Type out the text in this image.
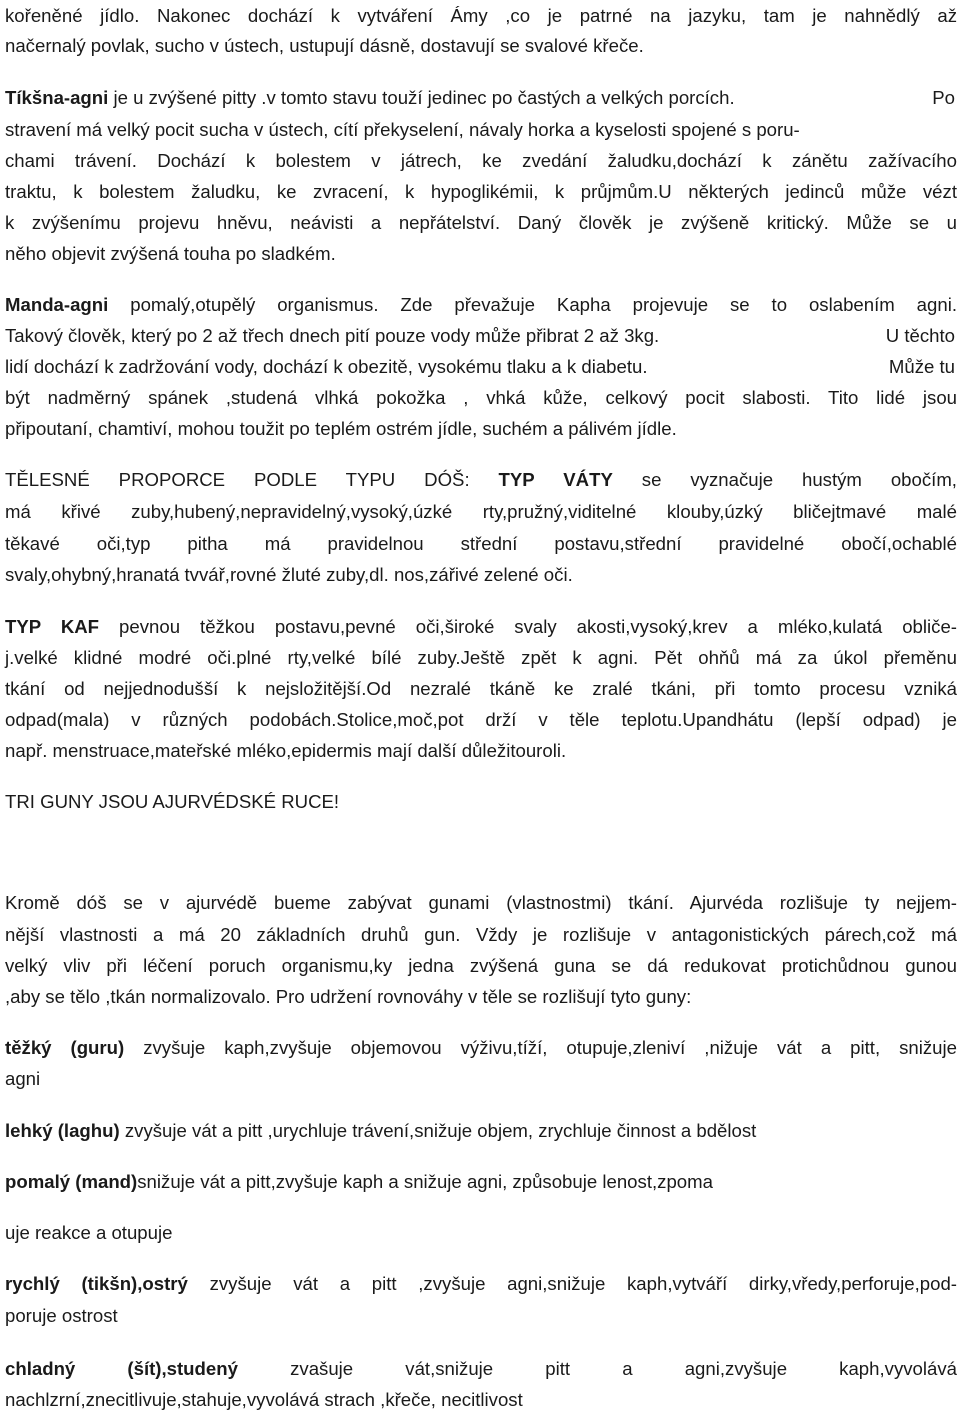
kořeněné jídlo. Nakonec dochází k vytváření Ámy ,co je patrné na jazyku, tam je nahnědlý až
načernalý povlak, sucho v ústech, ustupují dásně, dostavují se svalové křeče.
Tíkšna-agni je u zvýšené pitty .v tomto stavu touží jedinec po častých a velkých porcích.	Po
stravení má velký pocit sucha v ústech, cítí překyselení, návaly horka a kyselosti spojené s poru-
chami trávení. Dochází k bolestem v játrech, ke zvedání žaludku,dochází k zánětu zažívacího
traktu, k bolestem žaludku, ke zvracení, k hypoglikémii, k průjmům.U některých jedinců může vézt
k zvýšenímu projevu hněvu, neávisti a nepřátelství. Daný člověk je zvýšeně kritický. Může se u
něho objevit zvýšená touha po sladkém.
Manda-agni pomalý,otupělý organismus. Zde převažuje Kapha projevuje se to oslabením agni.
Takový člověk, který po 2 až třech dnech pití pouze vody může přibrat 2 až 3kg.	U těchto
lidí dochází k zadržování vody, dochází k obezitě, vysokému tlaku a k diabetu.	Může tu
být nadměrný spánek ,studená vlhká pokožka , vhká kůže, celkový pocit slabosti. Tito lidé jsou
připoutaní, chamtiví, mohou toužit po teplém ostrém jídle, suchém a pálivém jídle.
TĚLESNÉ PROPORCE PODLE TYPU DÓŠ: TYP VÁTY se vyznačuje hustým obočím,
má křivé zuby,hubený,nepravidelný,vysoký,úzké rty,pružný,viditelné klouby,úzký bličejtmavé malé
těkavé oči,typ pitha má pravidelnou střední postavu,střední pravidelné obočí,ochablé
svaly,ohybný,hranatá tvvář,rovné žluté zuby,dl. nos,zářivé zelené oči.
TYP KAF pevnou těžkou postavu,pevné oči,široké svaly akosti,vysoký,krev a mléko,kulatá obliče-
j.velké klidné modré oči.plné rty,velké bílé zuby.Ještě zpět k agni. Pět ohňů má za úkol přeměnu
tkání od nejjednodušší k nejsložitější.Od nezralé tkáně ke zralé tkáni, při tomto procesu vzniká
odpad(mala) v různých podobách.Stolice,moč,pot drží v těle teplotu.Upandhátu (lepší odpad) je
např. menstruace,mateřské mléko,epidermis mají další důležitouroli.
TRI GUNY JSOU AJURVÉDSKÉ RUCE!
Kromě dóš se v ajurvédě bueme zabývat gunami (vlastnostmi) tkání. Ajurvéda rozlišuje ty nejjem-
nější vlastnosti a má 20 základních druhů gun. Vždy je rozlišuje v antagonistických párech,což má
velký vliv při léčení poruch organismu,ky jedna zvýšená guna se dá redukovat protichůdnou gunou
,aby se tělo ,tkán normalizovalo. Pro udržení rovnováhy v těle se rozlišují tyto guny:
těžký (guru) zvyšuje kaph,zvyšuje objemovou výživu,tíží, otupuje,zleniví ,nižuje vát a pitt, snižuje
agni
lehký (laghu) zvyšuje vát a pitt ,urychluje trávení,snižuje objem, zrychluje činnost a bdělost
pomalý (mand)snižuje vát a pitt,zvyšuje kaph a snižuje agni, způsobuje lenost,zpoma
uje reakce a otupuje
rychlý (tikšn),ostrý zvyšuje vát a pitt ,zvyšuje agni,snižuje kaph,vytváří dirky,vředy,perforuje,pod-
poruje ostrost
chladný (šít),studený zvašuje vát,snižuje pitt a agni,zvyšuje kaph,vyvolává
nachlzrní,znecitlivuje,stahuje,vyvolává strach ,křeče, necitlivost
